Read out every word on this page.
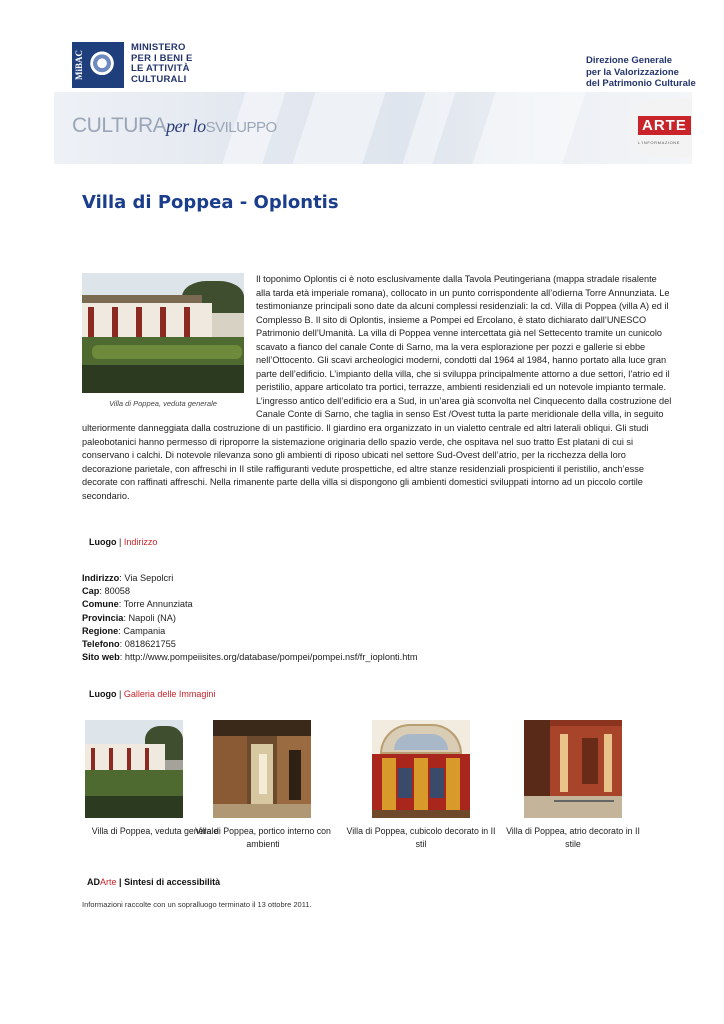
MiBAC
MINISTERO
PER I BENI E
LE ATTIVITÀ
CULTURALI
Direzione Generale
per la Valorizzazione
del Patrimonio Culturale
CULTURAper loSVILUPPO	ARTE
L'INFORMAZIONE
Villa di Poppea - Oplontis
Villa di Poppea, veduta generale

Il toponimo Oplontis ci è noto esclusivamente dalla Tavola Peutingeriana (mappa stradale risalente alla tarda età imperiale romana), collocato in un punto corrispondente all’odierna Torre Annunziata. Le testimonianze principali sono date da alcuni complessi residenziali: la cd. Villa di Poppea (villa A) ed il Complesso B. Il sito di Oplontis, insieme a Pompei ed Ercolano, è stato dichiarato dall’UNESCO Patrimonio dell’Umanità. La villa di Poppea venne intercettata già nel Settecento tramite un cunicolo scavato a fianco del canale Conte di Sarno, ma la vera esplorazione per pozzi e gallerie si ebbe nell’Ottocento. Gli scavi archeologici moderni, condotti dal 1964 al 1984, hanno portato alla luce gran parte dell’edificio. L’impianto della villa, che si sviluppa principalmente attorno a due settori, l’atrio ed il peristilio, appare articolato tra portici, terrazze, ambienti residenziali ed un notevole impianto termale. L’ingresso antico dell’edificio era a Sud, in un’area già sconvolta nel Cinquecento dalla costruzione del Canale Conte di Sarno, che taglia in senso Est /Ovest tutta la parte meridionale della villa, in seguito ulteriormente danneggiata dalla costruzione di un pastificio. Il giardino era organizzato in un vialetto centrale ed altri laterali obliqui. Gli studi paleobotanici hanno permesso di riproporre la sistemazione originaria dello spazio verde, che ospitava nel suo tratto Est platani di cui si conservano i calchi. Di notevole rilevanza sono gli ambienti di riposo ubicati nel settore Sud-Ovest dell’atrio, per la ricchezza della loro decorazione parietale, con affreschi in II stile raffiguranti vedute prospettiche, ed altre stanze residenziali prospicienti il peristilio, anch’esse decorate con raffinati affreschi. Nella rimanente parte della villa si dispongono gli ambienti domestici sviluppati intorno ad un piccolo cortile secondario.

Luogo | Indirizzo
Indirizzo: Via Sepolcri
Cap: 80058
Comune: Torre Annunziata
Provincia: Napoli (NA)
Regione: Campania
Telefono: 0818621755
Sito web: http://www.pompeiisites.org/database/pompei/pompei.nsf/fr_ioplonti.htm
Luogo | Galleria delle Immagini
Villa di Poppea, veduta generale
Villa di Poppea, portico interno con ambienti
Villa di Poppea, cubicolo decorato in II stil
Villa di Poppea, atrio decorato in II stile
ADArte | Sintesi di accessibilità
Informazioni raccolte con un sopralluogo terminato il 13 ottobre 2011.
